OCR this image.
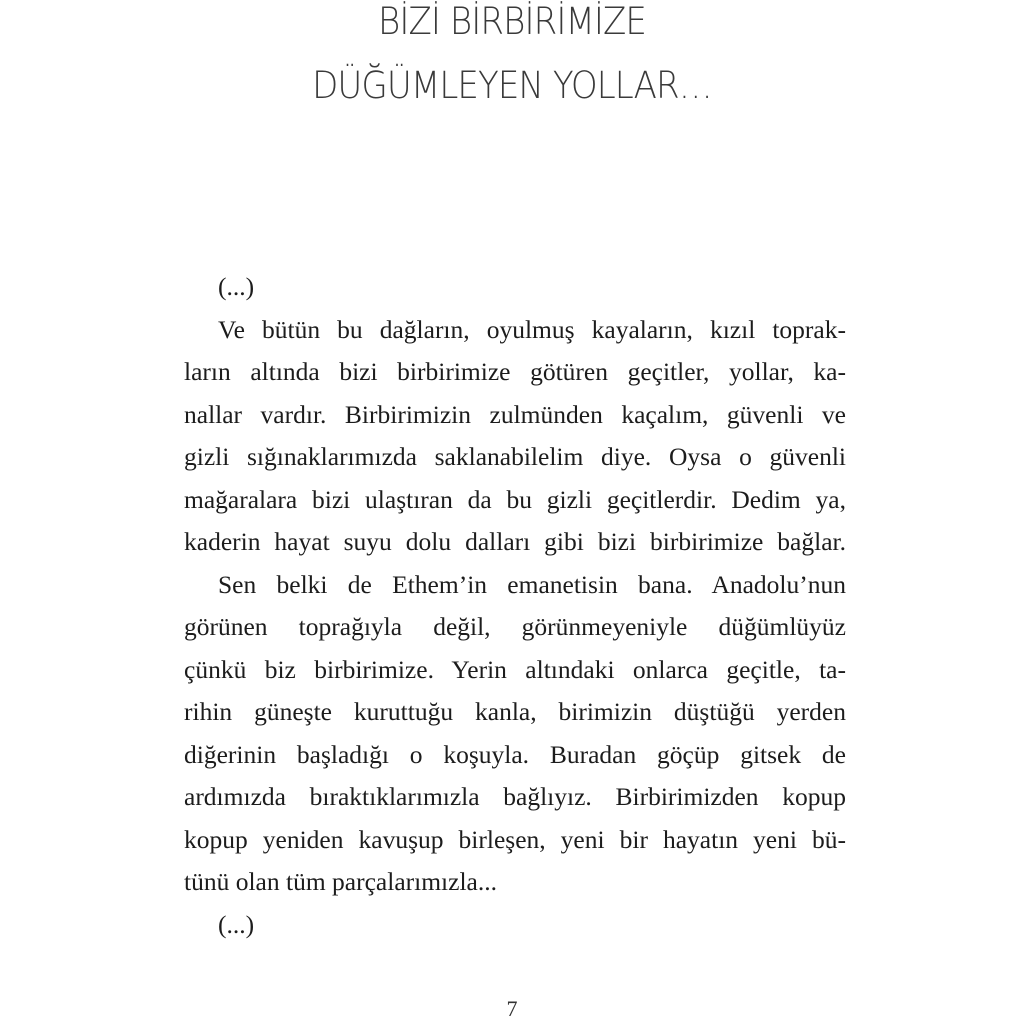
BİZİ BİRBİRİMİZE
DÜĞÜMLEYEN YOLLAR…
(...)
Ve bütün bu dağların, oyulmuş kayaların, kızıl toprak-
ların altında bizi birbirimize götüren geçitler, yollar, ka-
nallar vardır. Birbirimizin zulmünden kaçalım, güvenli ve
gizli sığınaklarımızda saklanabilelim diye. Oysa o güvenli
mağaralara bizi ulaştıran da bu gizli geçitlerdir. Dedim ya,
kaderin hayat suyu dolu dalları gibi bizi birbirimize bağlar.
Sen belki de Ethem’in emanetisin bana. Anadolu’nun
görünen toprağıyla değil, görünmeyeniyle düğümlüyüz
çünkü biz birbirimize. Yerin altındaki onlarca geçitle, ta-
rihin güneşte kuruttuğu kanla, birimizin düştüğü yerden
diğerinin başladığı o koşuyla. Buradan göçüp gitsek de
ardımızda bıraktıklarımızla bağlıyız. Birbirimizden kopup
kopup yeniden kavuşup birleşen, yeni bir hayatın yeni bü-
tünü olan tüm parçalarımızla...
(...)
7
